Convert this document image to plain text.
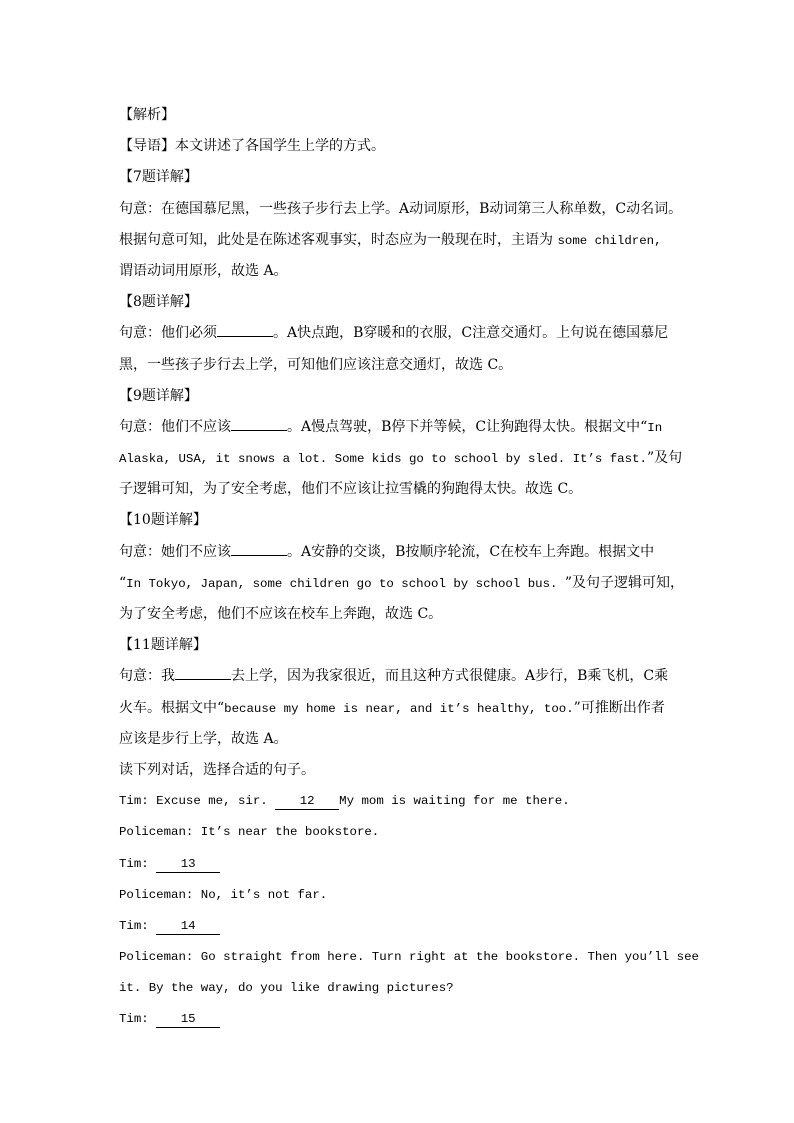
【解析】
【导语】本文讲述了各国学生上学的方式。
【7题详解】
句意：在德国慕尼黑，一些孩子步行去上学。A动词原形，B动词第三人称单数，C动名词。
根据句意可知，此处是在陈述客观事实，时态应为一般现在时，主语为 some children,
谓语动词用原形，故选 A。
【8题详解】
句意：他们必须	。A快点跑，B穿暖和的衣服，C注意交通灯。上句说在德国慕尼
黑，一些孩子步行去上学，可知他们应该注意交通灯，故选 C。
【9题详解】
句意：他们不应该	。A慢点驾驶，B停下并等候，C让狗跑得太快。根据文中“In
Alaska, USA, it snows a lot. Some kids go to school by sled. It’s fast.”及句
子逻辑可知，为了安全考虑，他们不应该让拉雪橇的狗跑得太快。故选 C。
【10题详解】
句意：她们不应该	。A安静的交谈，B按顺序轮流，C在校车上奔跑。根据文中
“In Tokyo, Japan, some children go to school by school bus. ”及句子逻辑可知，
为了安全考虑，他们不应该在校车上奔跑，故选 C。
【11题详解】
句意：我	去上学，因为我家很近，而且这种方式很健康。A步行，B乘飞机，C乘
火车。根据文中“because my home is near, and it’s healthy, too.”可推断出作者
应该是步行上学，故选 A。
读下列对话，选择合适的句子。
Tim: Excuse me, sir. 12 My mom is waiting for me there.
Policeman: It’s near the bookstore.
Tim: 13
Policeman: No, it’s not far.
Tim: 14
Policeman: Go straight from here. Turn right at the bookstore. Then you’ll see
it. By the way, do you like drawing pictures?
Tim: 15
